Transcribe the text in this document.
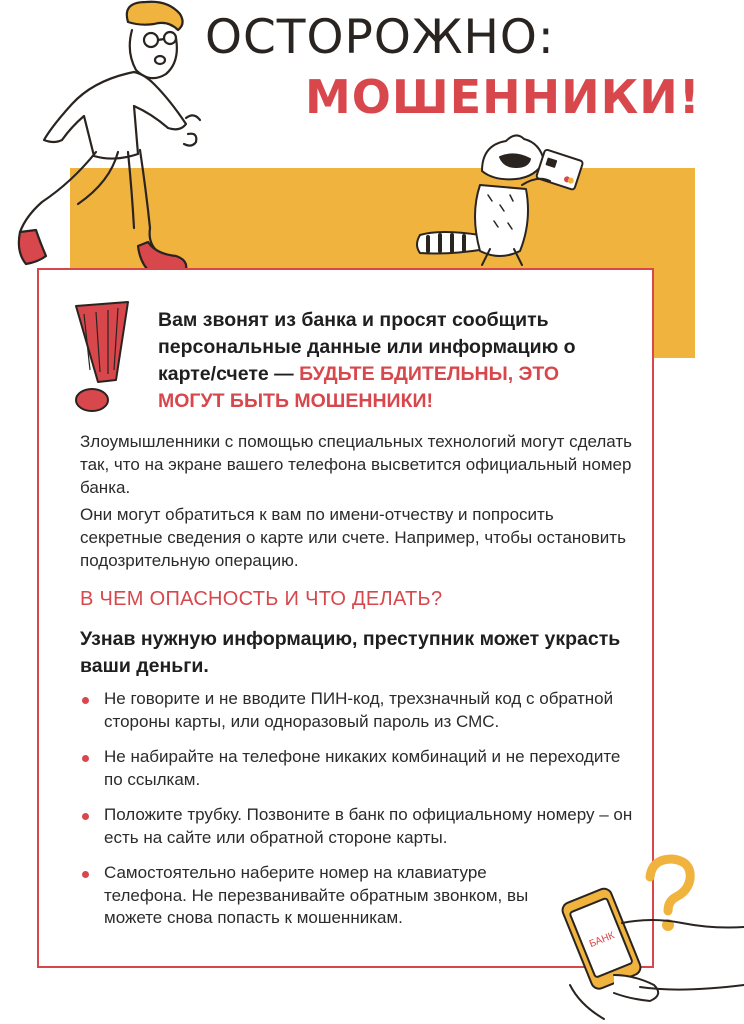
ОСТОРОЖНО:
МОШЕННИКИ!
Вам звонят из банка и просят сообщить персональные данные или информацию о карте/счете — БУДЬТЕ БДИТЕЛЬНЫ, ЭТО МОГУТ БЫТЬ МОШЕННИКИ!
Злоумышленники с помощью специальных технологий могут сделать так, что на экране вашего телефона высветится официальный номер банка.
Они могут обратиться к вам по имени-отчеству и попросить секретные сведения о карте или счете. Например, чтобы остановить подозрительную операцию.
В ЧЕМ ОПАСНОСТЬ И ЧТО ДЕЛАТЬ?
Узнав нужную информацию, преступник может украсть ваши деньги.
Не говорите и не вводите ПИН-код, трехзначный код с обратной стороны карты, или одноразовый пароль из СМС.
Не набирайте на телефоне никаких комбинаций и не переходите по ссылкам.
Положите трубку. Позвоните в банк по официальному номеру – он есть на сайте или обратной стороне карты.
Самостоятельно наберите номер на клавиатуре телефона. Не перезванивайте обратным звонком, вы можете снова попасть к мошенникам.
БАНК
